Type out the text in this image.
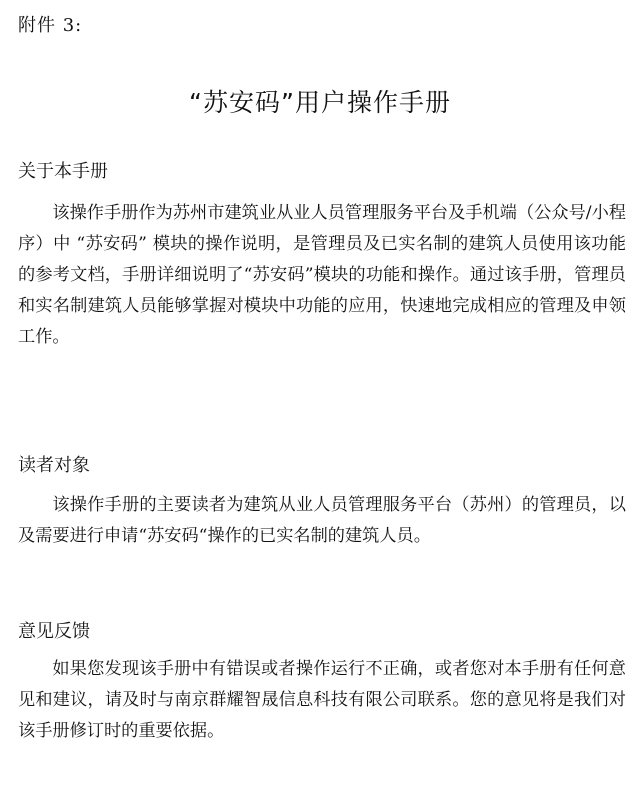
附件 3:
“苏安码”用户操作手册
关于本手册

该操作手册作为苏州市建筑业从业人员管理服务平台及手机端（公众号/小程序）中 “苏安码” 模块的操作说明，是管理员及已实名制的建筑人员使用该功能的参考文档，手册详细说明了“苏安码”模块的功能和操作。通过该手册，管理员和实名制建筑人员能够掌握对模块中功能的应用，快速地完成相应的管理及申领工作。

读者对象

该操作手册的主要读者为建筑从业人员管理服务平台（苏州）的管理员，以及需要进行申请“苏安码“操作的已实名制的建筑人员。

意见反馈

如果您发现该手册中有错误或者操作运行不正确，或者您对本手册有任何意见和建议，请及时与南京群耀智晟信息科技有限公司联系。您的意见将是我们对该手册修订时的重要依据。
